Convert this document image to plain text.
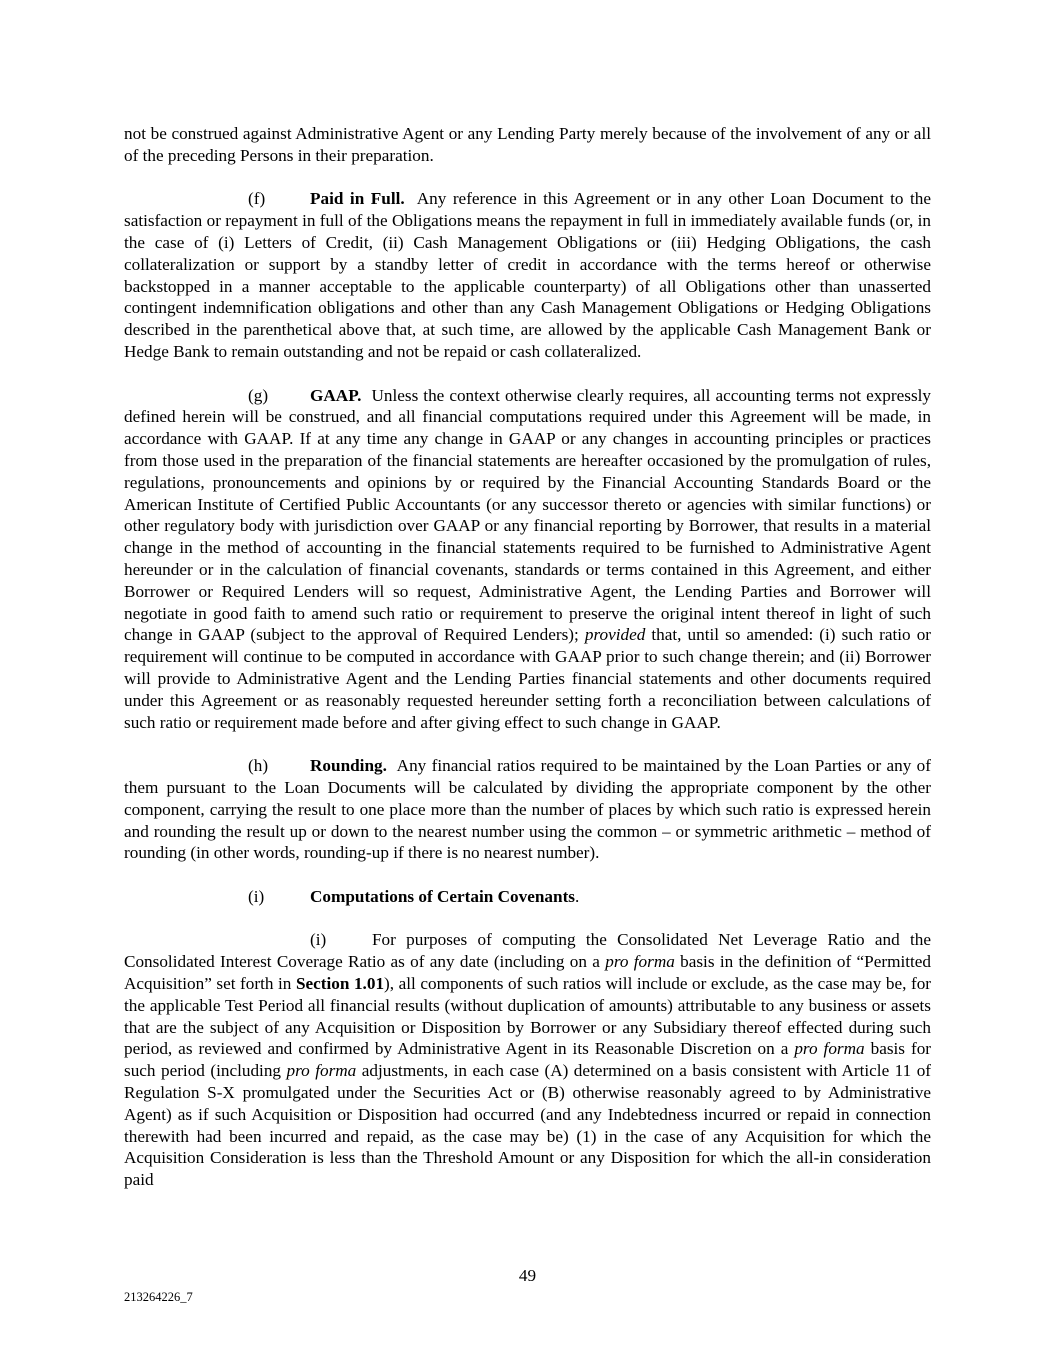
not be construed against Administrative Agent or any Lending Party merely because of the involvement of any or all of the preceding Persons in their preparation.

(f)	Paid in Full. Any reference in this Agreement or in any other Loan Document to the satisfaction or repayment in full of the Obligations means the repayment in full in immediately available funds (or, in the case of (i) Letters of Credit, (ii) Cash Management Obligations or (iii) Hedging Obligations, the cash collateralization or support by a standby letter of credit in accordance with the terms hereof or otherwise backstopped in a manner acceptable to the applicable counterparty) of all Obligations other than unasserted contingent indemnification obligations and other than any Cash Management Obligations or Hedging Obligations described in the parenthetical above that, at such time, are allowed by the applicable Cash Management Bank or Hedge Bank to remain outstanding and not be repaid or cash collateralized.

(g) GAAP. Unless the context otherwise clearly requires, all accounting terms not expressly defined herein will be construed, and all financial computations required under this Agreement will be made, in accordance with GAAP. If at any time any change in GAAP or any changes in accounting principles or practices from those used in the preparation of the financial statements are hereafter occasioned by the promulgation of rules, regulations, pronouncements and opinions by or required by the Financial Accounting Standards Board or the American Institute of Certified Public Accountants (or any successor thereto or agencies with similar functions) or other regulatory body with jurisdiction over GAAP or any financial reporting by Borrower, that results in a material change in the method of accounting in the financial statements required to be furnished to Administrative Agent hereunder or in the calculation of financial covenants, standards or terms contained in this Agreement, and either Borrower or Required Lenders will so request, Administrative Agent, the Lending Parties and Borrower will negotiate in good faith to amend such ratio or requirement to preserve the original intent thereof in light of such change in GAAP (subject to the approval of Required Lenders); provided that, until so amended: (i) such ratio or requirement will continue to be computed in accordance with GAAP prior to such change therein; and (ii) Borrower will provide to Administrative Agent and the Lending Parties financial statements and other documents required under this Agreement or as reasonably requested hereunder setting forth a reconciliation between calculations of such ratio or requirement made before and after giving effect to such change in GAAP.

(h) Rounding. Any financial ratios required to be maintained by the Loan Parties or any of them pursuant to the Loan Documents will be calculated by dividing the appropriate component by the other component, carrying the result to one place more than the number of places by which such ratio is expressed herein and rounding the result up or down to the nearest number using the common – or symmetric arithmetic – method of rounding (in other words, rounding-up if there is no nearest number).

(i)	Computations of Certain Covenants.

(i)	For purposes of computing the Consolidated Net Leverage Ratio and the Consolidated Interest Coverage Ratio as of any date (including on a pro forma basis in the definition of “Permitted Acquisition” set forth in Section 1.01), all components of such ratios will include or exclude, as the case may be, for the applicable Test Period all financial results (without duplication of amounts) attributable to any business or assets that are the subject of any Acquisition or Disposition by Borrower or any Subsidiary thereof effected during such period, as reviewed and confirmed by Administrative Agent in its Reasonable Discretion on a pro forma basis for such period (including pro forma adjustments, in each case (A) determined on a basis consistent with Article 11 of Regulation S-X promulgated under the Securities Act or (B) otherwise reasonably agreed to by Administrative Agent) as if such Acquisition or Disposition had occurred (and any Indebtedness incurred or repaid in connection therewith had been incurred and repaid, as the case may be) (1) in the case of any Acquisition for which the Acquisition Consideration is less than the Threshold Amount or any Disposition for which the all-in consideration paid

49
213264226_7
